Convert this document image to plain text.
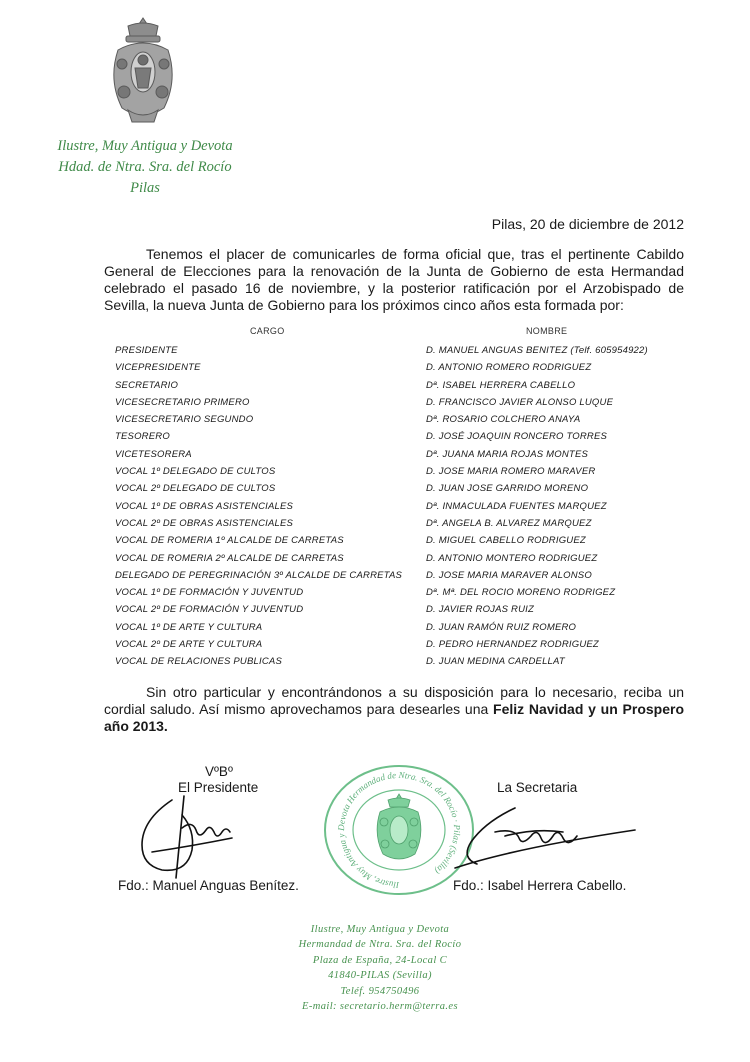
Ilustre, Muy Antigua y Devota
Hdad. de Ntra. Sra. del Rocío
Pilas
Pilas, 20 de diciembre de 2012

Tenemos el placer de comunicarles de forma oficial que, tras el pertinente Cabildo General de Elecciones para la renovación de la Junta de Gobierno de esta Hermandad celebrado el pasado 16 de noviembre, y la posterior ratificación por el Arzobispado de Sevilla, la nueva Junta de Gobierno para los próximos cinco años esta formada por:

CARGO	NOMBRE
PRESIDENTE
VICEPRESIDENTE
SECRETARIO
VICESECRETARIO PRIMERO
VICESECRETARIO SEGUNDO
TESORERO
VICETESORERA
VOCAL 1º DELEGADO DE CULTOS
VOCAL 2º DELEGADO DE CULTOS
VOCAL 1º DE OBRAS ASISTENCIALES
VOCAL 2º DE OBRAS ASISTENCIALES
VOCAL DE ROMERIA 1º ALCALDE DE CARRETAS
VOCAL DE ROMERIA 2º ALCALDE DE CARRETAS
DELEGADO DE PEREGRINACIÓN 3º ALCALDE DE CARRETAS
VOCAL 1º DE FORMACIÓN Y JUVENTUD
VOCAL 2º DE FORMACIÓN Y JUVENTUD
VOCAL 1º DE ARTE Y CULTURA
VOCAL 2º DE ARTE Y CULTURA
VOCAL DE RELACIONES PUBLICAS
D. MANUEL ANGUAS BENITEZ (Telf. 605954922)
D. ANTONIO ROMERO RODRIGUEZ
Dª. ISABEL HERRERA CABELLO
D. FRANCISCO JAVIER ALONSO LUQUE
Dª. ROSARIO COLCHERO ANAYA
D. JOSÉ JOAQUIN RONCERO TORRES
Dª. JUANA MARIA ROJAS MONTES
D. JOSE MARIA ROMERO MARAVER
D. JUAN JOSE GARRIDO MORENO
Dª. INMACULADA FUENTES MARQUEZ
Dª. ANGELA B. ALVAREZ MARQUEZ
D. MIGUEL CABELLO RODRIGUEZ
D. ANTONIO MONTERO RODRIGUEZ
D. JOSE MARIA MARAVER ALONSO
Dª. Mª. DEL ROCIO MORENO RODRIGEZ
D. JAVIER ROJAS RUIZ
D. JUAN RAMÓN RUIZ ROMERO
D. PEDRO HERNANDEZ RODRIGUEZ
D. JUAN MEDINA CARDELLAT

Sin otro particular y encontrándonos a su disposición para lo necesario, reciba un cordial saludo. Así mismo aprovechamos para desearles una Feliz Navidad y un Prospero año 2013.

VºBº
El Presidente
Fdo.: Manuel Anguas Benítez.	Ilustre, Muy Antigua y Devota Hermandad de Ntra. Sra. del Rocío · Pilas (Sevilla)
La Secretaria
Fdo.: Isabel Herrera Cabello.
Ilustre, Muy Antigua y Devota
Hermandad de Ntra. Sra. del Rocío
Plaza de España, 24-Local C
41840-PILAS (Sevilla)
Teléf. 954750496
E-mail: secretario.herm@terra.es
